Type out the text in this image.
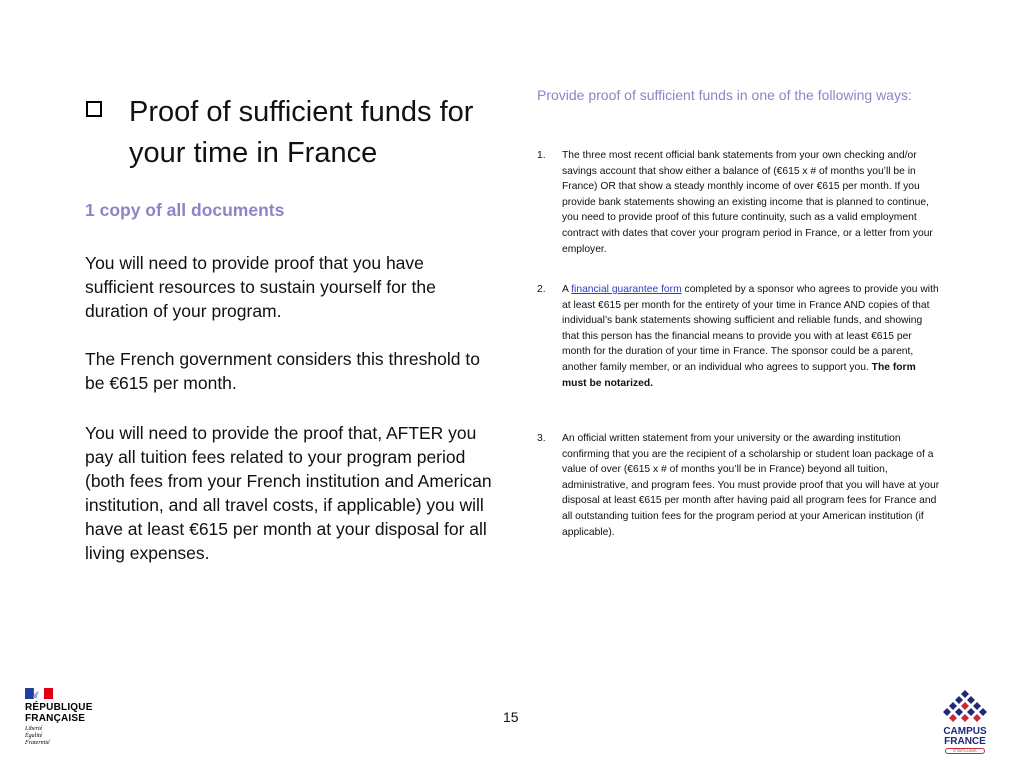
Proof of sufficient funds for your time in France
1 copy of all documents
You will need to provide proof that you have sufficient resources to sustain yourself for the duration of your program.
The French government considers this threshold to be €615 per month.
You will need to provide the proof that, AFTER you pay all tuition fees related to your program period (both fees from your French institution and American institution, and all travel costs, if applicable) you will have at least €615 per month at your disposal for all living expenses.
Provide proof of sufficient funds in one of the following ways:
1. The three most recent official bank statements from your own checking and/or savings account that show either a balance of (€615 x # of months you’ll be in France) OR that show a steady monthly income of over €615 per month. If you provide bank statements showing an existing income that is planned to continue, you need to provide proof of this future continuity, such as a valid employment contract with dates that cover your program period in France, or a letter from your employer.
2. A financial guarantee form completed by a sponsor who agrees to provide you with at least €615 per month for the entirety of your time in France AND copies of that individual’s bank statements showing sufficient and reliable funds, and showing that this person has the financial means to provide you with at least €615 per month for the duration of your time in France. The sponsor could be a parent, another family member, or an individual who agrees to support you. The form must be notarized.
3. An official written statement from your university or the awarding institution confirming that you are the recipient of a scholarship or student loan package of a value of over (€615 x # of months you’ll be in France) beyond all tuition, administrative, and program fees. You must provide proof that you will have at your disposal at least €615 per month after having paid all program fees for France and all outstanding tuition fees for the program period at your American institution (if applicable).
15
RÉPUBLIQUE
FRANÇAISE
Liberté
Égalité
Fraternité
CAMPUS
FRANCE
ÉTATS-UNIS
